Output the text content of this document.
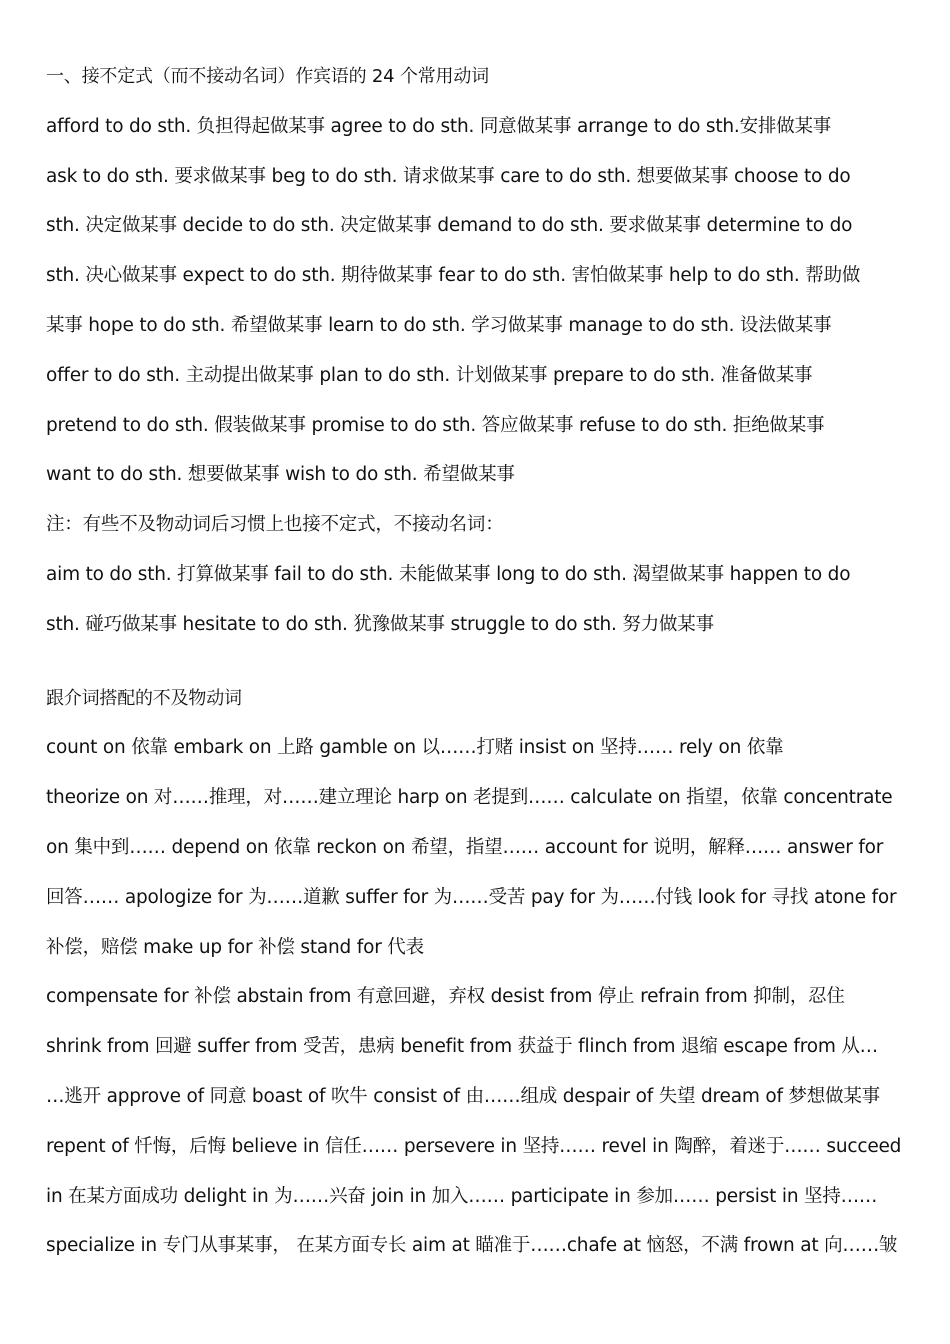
一、接不定式（而不接动名词）作宾语的 24 个常用动词
afford to do sth. 负担得起做某事 agree to do sth. 同意做某事 arrange to do sth.安排做某事
ask to do sth. 要求做某事 beg to do sth. 请求做某事 care to do sth. 想要做某事 choose to do
sth. 决定做某事 decide to do sth. 决定做某事 demand to do sth. 要求做某事 determine to do
sth. 决心做某事 expect to do sth. 期待做某事 fear to do sth. 害怕做某事 help to do sth. 帮助做
某事 hope to do sth. 希望做某事 learn to do sth. 学习做某事 manage to do sth. 设法做某事
offer to do sth. 主动提出做某事 plan to do sth. 计划做某事 prepare to do sth. 准备做某事
pretend to do sth. 假装做某事 promise to do sth. 答应做某事 refuse to do sth. 拒绝做某事
want to do sth. 想要做某事 wish to do sth. 希望做某事
注：有些不及物动词后习惯上也接不定式，不接动名词：
aim to do sth. 打算做某事 fail to do sth. 未能做某事 long to do sth. 渴望做某事 happen to do
sth. 碰巧做某事 hesitate to do sth. 犹豫做某事 struggle to do sth. 努力做某事
跟介词搭配的不及物动词
count on 依靠 embark on 上路 gamble on 以……打赌 insist on 坚持…… rely on 依靠
theorize on 对……推理，对……建立理论 harp on 老提到…… calculate on 指望，依靠 concentrate
on 集中到…… depend on 依靠 reckon on 希望，指望…… account for 说明，解释…… answer for
回答…… apologize for 为……道歉 suffer for 为……受苦 pay for 为……付钱 look for 寻找 atone for
补偿，赔偿 make up for 补偿 stand for 代表
compensate for 补偿 abstain from 有意回避，弃权 desist from 停止 refrain from 抑制，忍住
shrink from 回避 suffer from 受苦，患病 benefit from 获益于 flinch from 退缩 escape from 从…
…逃开 approve of 同意 boast of 吹牛 consist of 由……组成 despair of 失望 dream of 梦想做某事
repent of 忏悔，后悔 believe in 信任…… persevere in 坚持…… revel in 陶醉，着迷于…… succeed
in 在某方面成功 delight in 为……兴奋 join in 加入…… participate in 参加…… persist in 坚持……
specialize in 专门从事某事， 在某方面专长 aim at 瞄准于……chafe at 恼怒，不满 frown at 向……皱
